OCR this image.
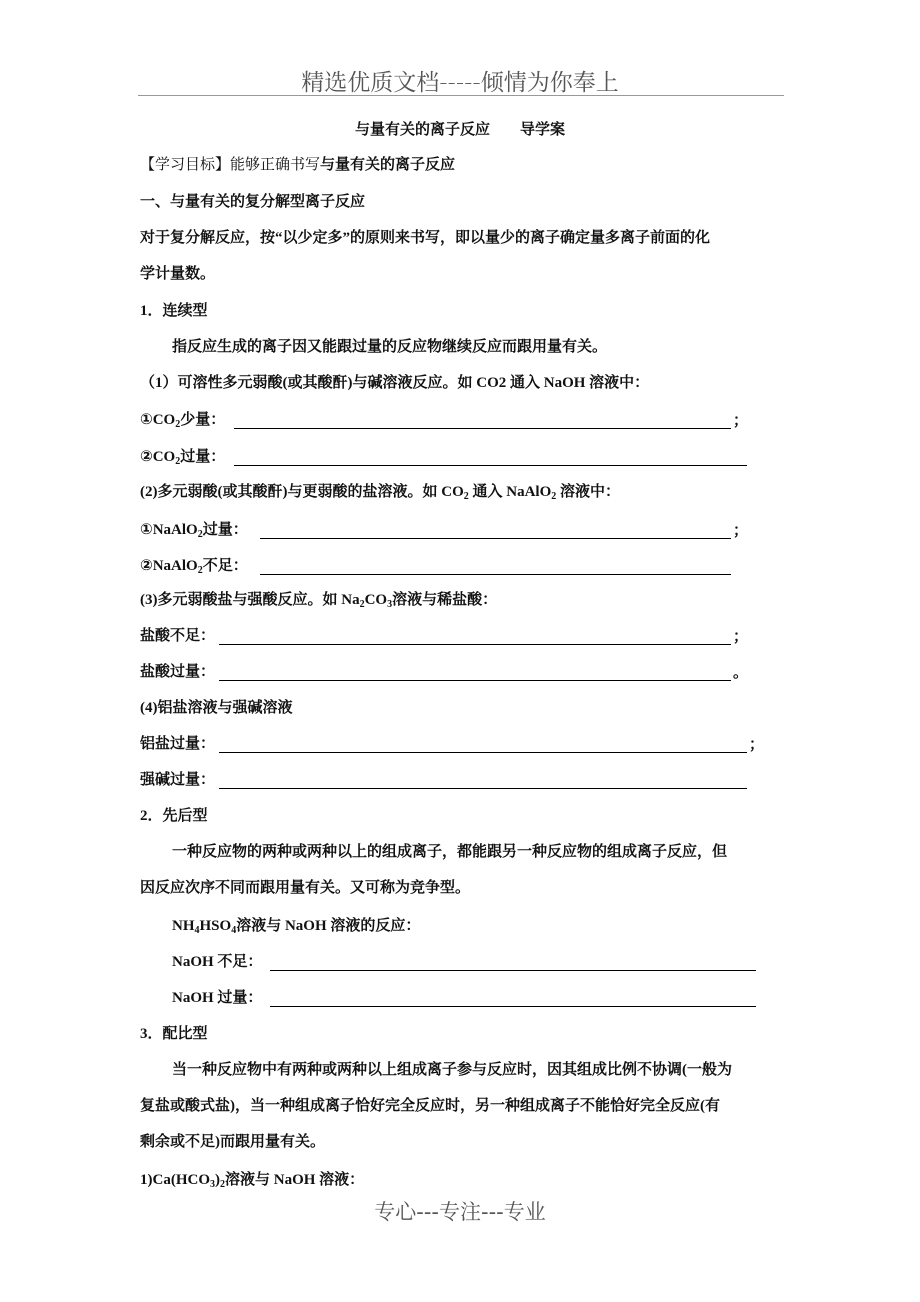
精选优质文档-----倾情为你奉上
与量有关的离子反应　　导学案
【学习目标】能够正确书写与量有关的离子反应
一、与量有关的复分解型离子反应
对于复分解反应，按“以少定多”的原则来书写，即以量少的离子确定量多离子前面的化
学计量数。
1．连续型
指反应生成的离子因又能跟过量的反应物继续反应而跟用量有关。
（1）可溶性多元弱酸(或其酸酐)与碱溶液反应。如 CO2 通入 NaOH 溶液中：
$①CO_2$少量：	；
$②CO_2$过量：
(2)多元弱酸(或其酸酐)与更弱酸的盐溶液。如 $CO_2$ 通入 NaAlO$_2$ 溶液中：
①NaAlO$_2$过量：	；
②NaAlO$_2$不足：
(3)多元弱酸盐与强酸反应。如 $Na_2CO_3$溶液与稀盐酸：
盐酸不足：	；
盐酸过量：	。
(4)铝盐溶液与强碱溶液
铝盐过量：	；
强碱过量：
2．先后型
一种反应物的两种或两种以上的组成离子，都能跟另一种反应物的组成离子反应，但
因反应次序不同而跟用量有关。又可称为竞争型。
$NH_4HSO_4$溶液与 NaOH 溶液的反应：
NaOH 不足：
NaOH 过量：
3．配比型
当一种反应物中有两种或两种以上组成离子参与反应时，因其组成比例不协调(一般为
复盐或酸式盐)，当一种组成离子恰好完全反应时，另一种组成离子不能恰好完全反应(有
剩余或不足)而跟用量有关。
$1)Ca(HCO_3)_2$溶液与 NaOH 溶液：
专心---专注---专业
